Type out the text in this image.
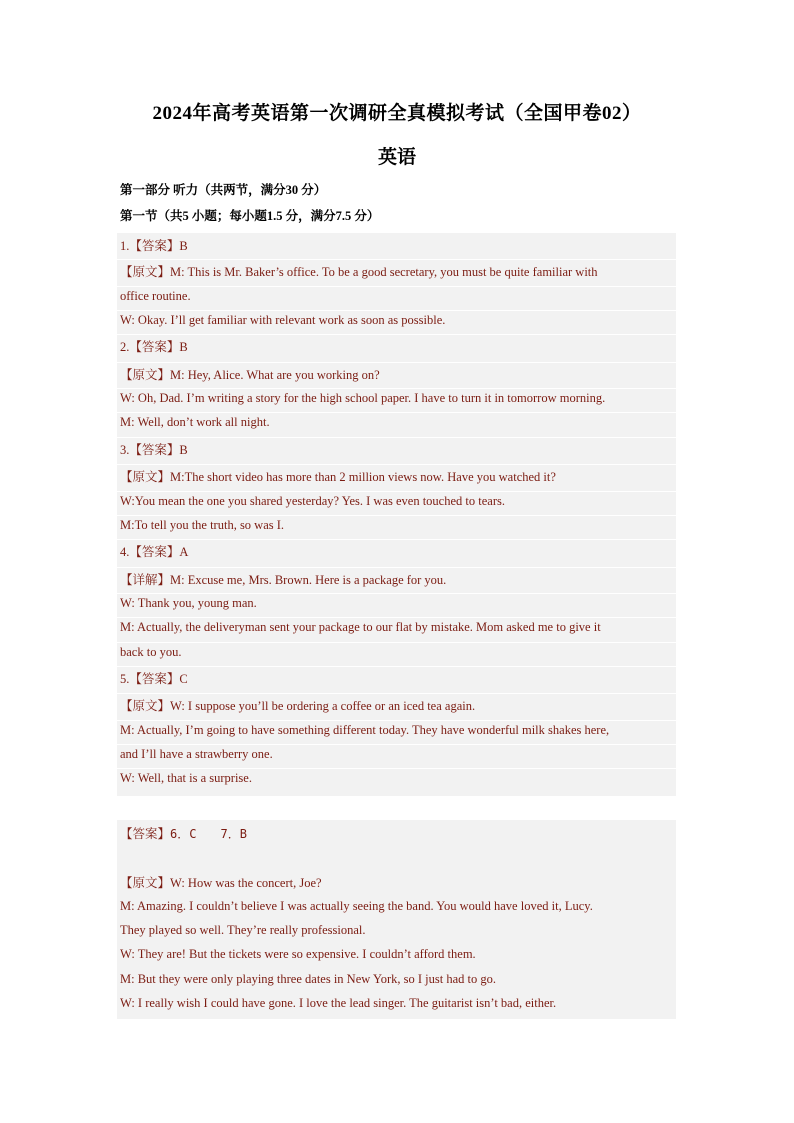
2024年高考英语第一次调研全真模拟考试（全国甲卷02）
英语
第一部分 听力（共两节，满分30 分）
第一节（共5 小题；每小题1.5 分，满分7.5 分）
1.【答案】B
【原文】M: This is Mr. Baker’s office. To be a good secretary, you must be quite familiar with
office routine.
W: Okay. I’ll get familiar with relevant work as soon as possible.
2.【答案】B
【原文】M: Hey, Alice. What are you working on?
W: Oh, Dad. I’m writing a story for the high school paper. I have to turn it in tomorrow morning.
M: Well, don’t work all night.
3.【答案】B
【原文】M:The short video has more than 2 million views now. Have you watched it?
W:You mean the one you shared yesterday? Yes. I was even touched to tears.
M:To tell you the truth, so was I.
4.【答案】A
【详解】M: Excuse me, Mrs. Brown. Here is a package for you.
W: Thank you, young man.
M: Actually, the deliveryman sent your package to our flat by mistake. Mom asked me to give it
back to you.
5.【答案】C
【原文】W: I suppose you’ll be ordering a coffee or an iced tea again.
M: Actually, I’m going to have something different today. They have wonderful milk shakes here,
and I’ll have a strawberry one.
W: Well, that is a surprise.
【答案】6．C　　7．B
【原文】W: How was the concert, Joe?
M: Amazing. I couldn’t believe I was actually seeing the band. You would have loved it, Lucy.
They played so well. They’re really professional.
W: They are! But the tickets were so expensive. I couldn’t afford them.
M: But they were only playing three dates in New York, so I just had to go.
W: I really wish I could have gone. I love the lead singer. The guitarist isn’t bad, either.
